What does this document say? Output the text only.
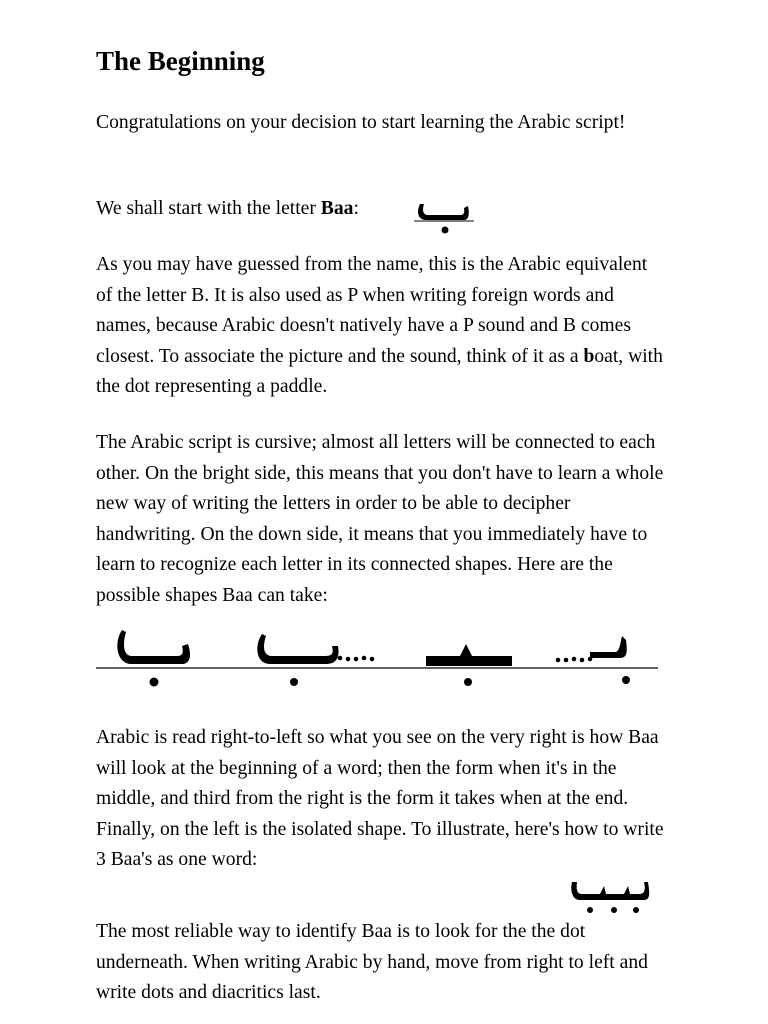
The Beginning

Congratulations on your decision to start learning the Arabic script!

We shall start with the letter Baa:

As you may have guessed from the name, this is the Arabic equivalent of the letter B. It is also used as P when writing foreign words and names, because Arabic doesn't natively have a P sound and B comes closest. To associate the picture and the sound, think of it as a boat, with the dot representing a paddle.

The Arabic script is cursive; almost all letters will be connected to each other. On the bright side, this means that you don't have to learn a whole new way of writing the letters in order to be able to decipher handwriting. On the down side, it means that you immediately have to learn to recognize each letter in its connected shapes. Here are the possible shapes Baa can take:

Arabic is read right-to-left so what you see on the very right is how Baa will look at the beginning of a word; then the form when it's in the middle, and third from the right is the form it takes when at the end. Finally, on the left is the isolated shape. To illustrate, here's how to write 3 Baa's as one word:

The most reliable way to identify Baa is to look for the the dot underneath. When writing Arabic by hand, move from right to left and write dots and diacritics last.
